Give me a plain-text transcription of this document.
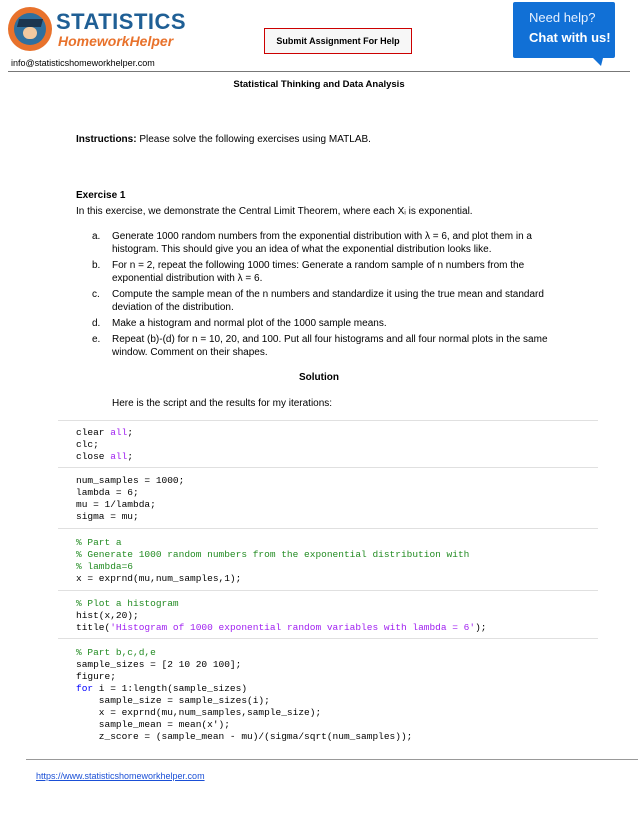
STATISTICS
HomeworkHelper
info@statisticshomeworkhelper.com
Submit Assignment For Help
Need help?
Chat with us!
Statistical Thinking and Data Analysis
Instructions: Please solve the following exercises using MATLAB.
Exercise 1
In this exercise, we demonstrate the Central Limit Theorem, where each Xᵢ is exponential.
a. Generate 1000 random numbers from the exponential distribution with λ = 6, and plot them in a histogram. This should give you an idea of what the exponential distribution looks like.
b. For n = 2, repeat the following 1000 times: Generate a random sample of n numbers from the exponential distribution with λ = 6.
c. Compute the sample mean of the n numbers and standardize it using the true mean and standard deviation of the distribution.
d. Make a histogram and normal plot of the 1000 sample means.
e. Repeat (b)-(d) for n = 10, 20, and 100. Put all four histograms and all four normal plots in the same window. Comment on their shapes.
Solution
Here is the script and the results for my iterations:
clear all;
clc;
close all;
num_samples = 1000;
lambda = 6;
mu = 1/lambda;
sigma = mu;
% Part a
% Generate 1000 random numbers from the exponential distribution with
% lambda=6
x = exprnd(mu,num_samples,1);
% Plot a histogram
hist(x,20);
title('Histogram of 1000 exponential random variables with lambda = 6');
% Part b,c,d,e
sample_sizes = [2 10 20 100];
figure;
for i = 1:length(sample_sizes)
sample_size = sample_sizes(i);
x = exprnd(mu,num_samples,sample_size);
sample_mean = mean(x');
z_score = (sample_mean - mu)/(sigma/sqrt(num_samples));
https://www.statisticshomeworkhelper.com
